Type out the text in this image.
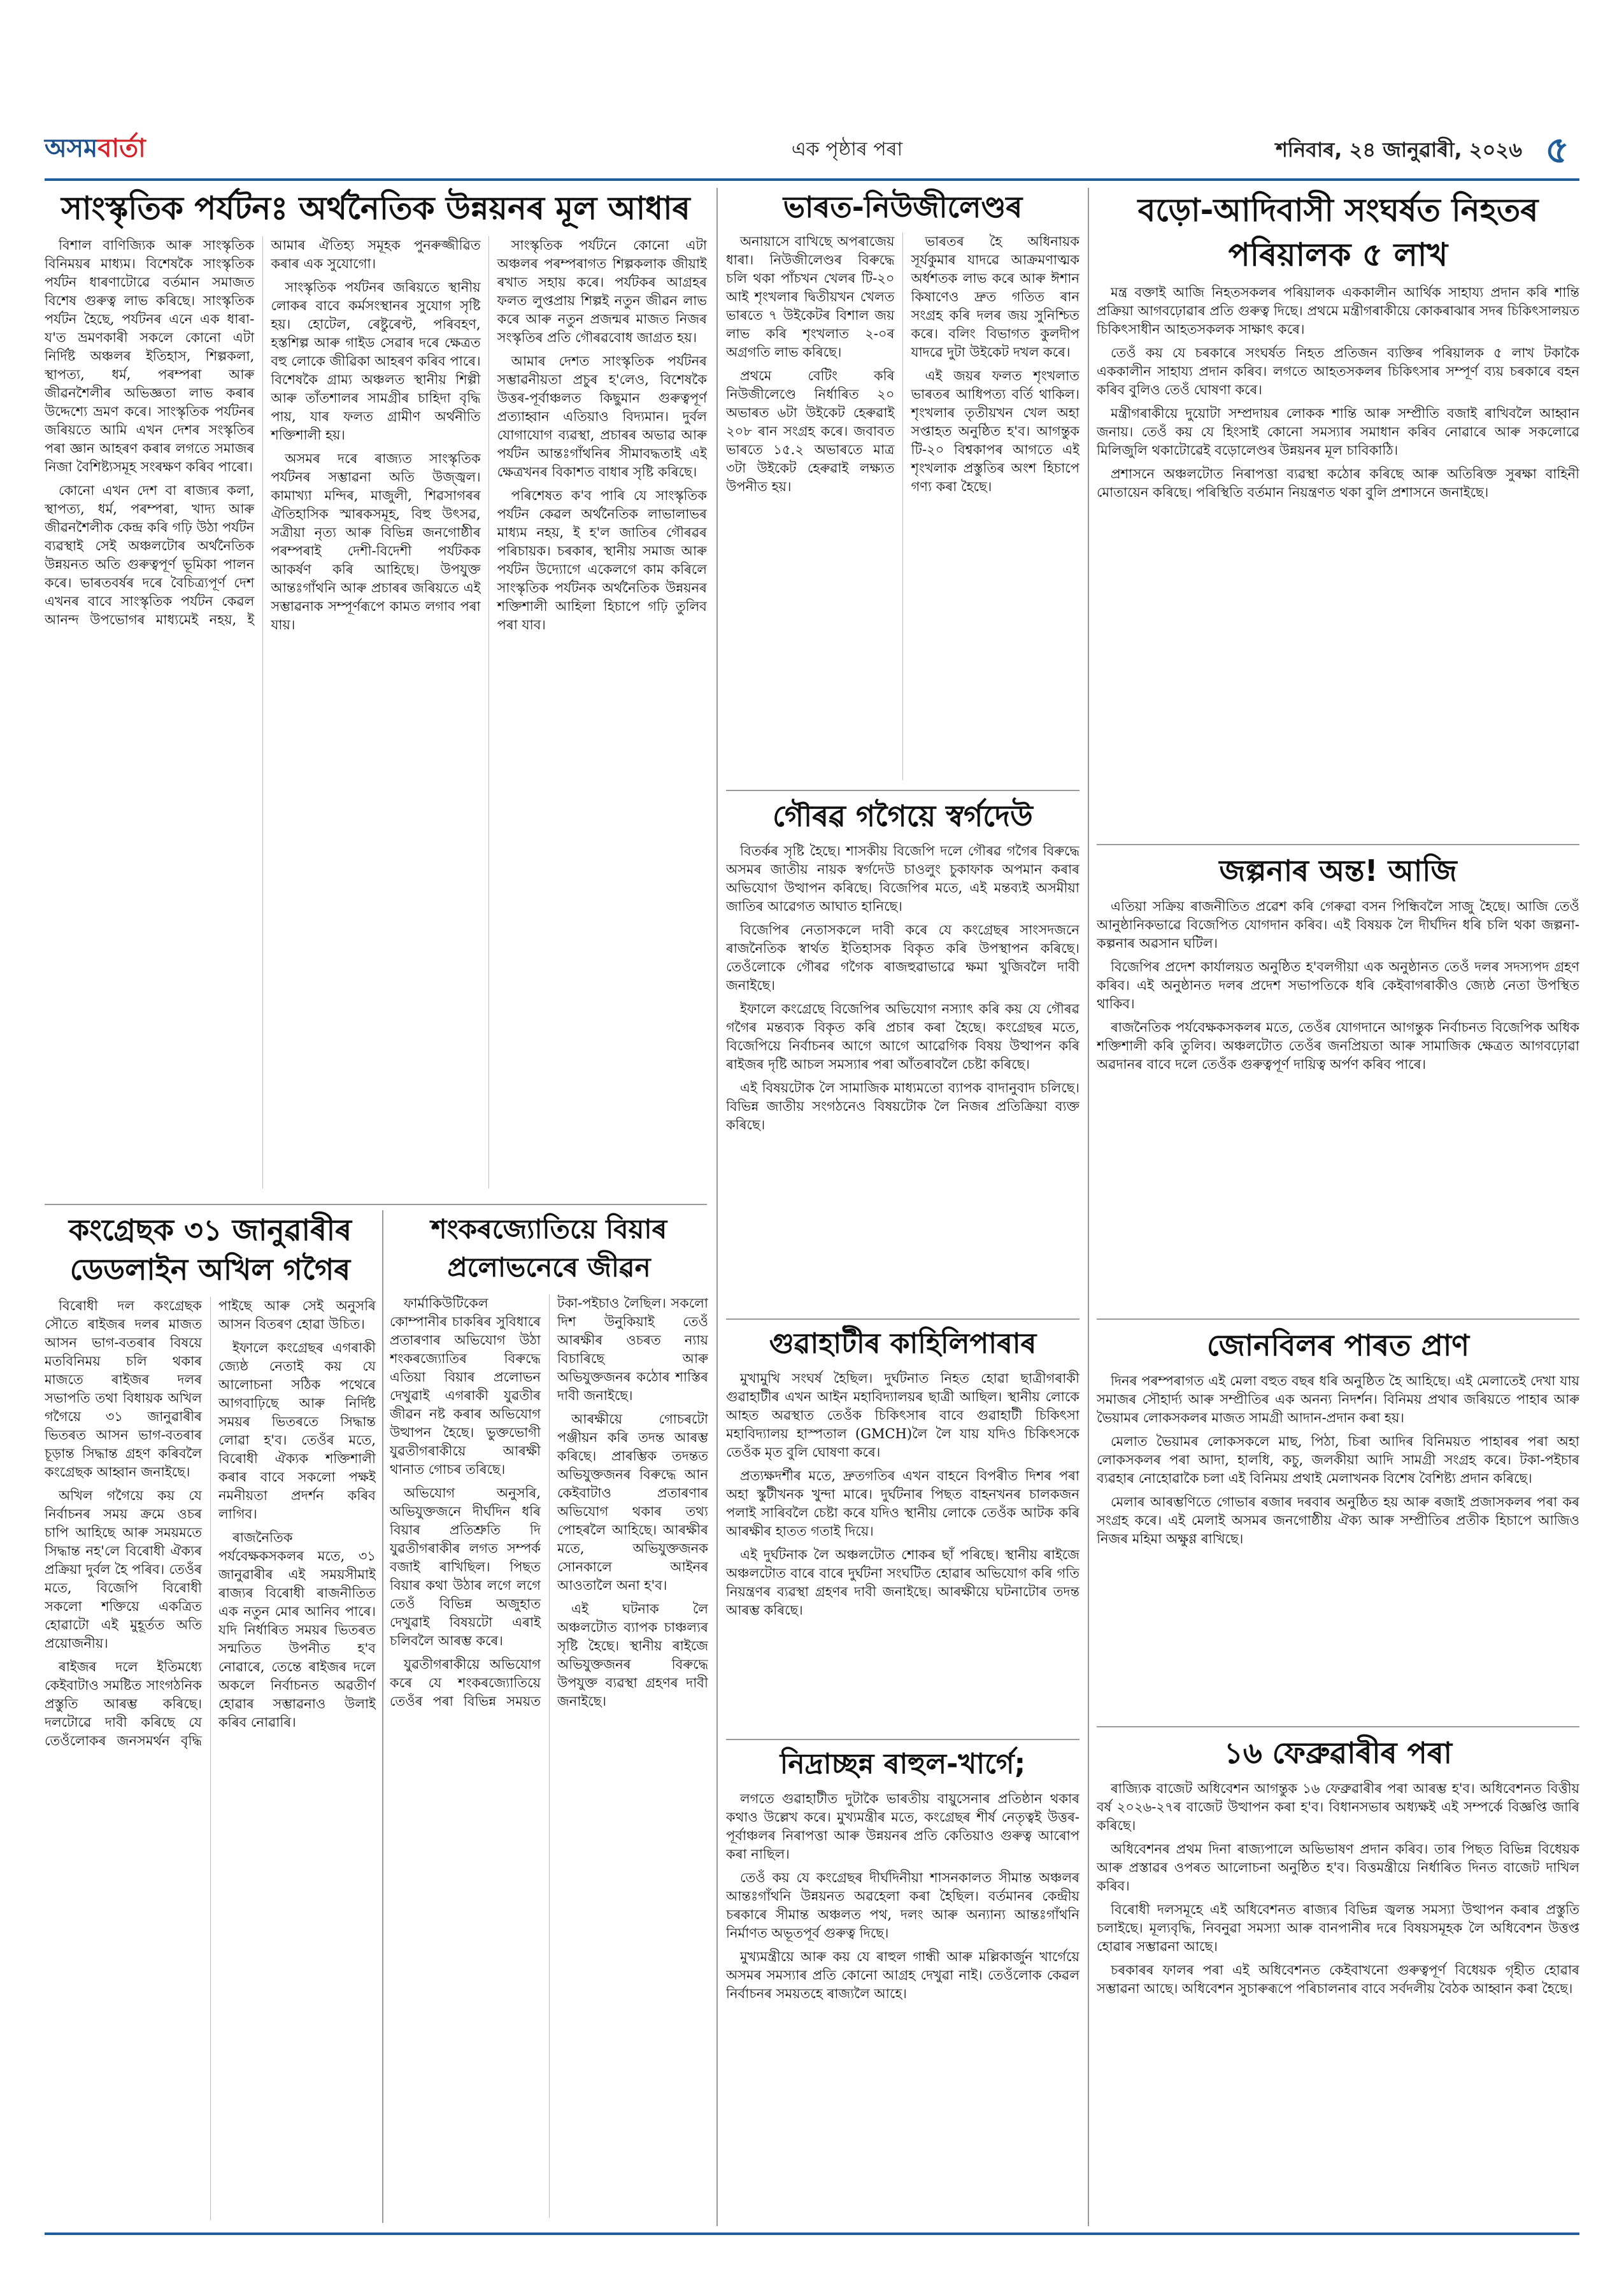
অসমবাৰ্তা	এক পৃষ্ঠাৰ পৰা	শনিবাৰ, ২৪ জানুৱাৰী, ২০২৬ ৫
সাংস্কৃতিক পৰ্যটনঃ অৰ্থনৈতিক উন্নয়নৰ মূল আধাৰ

বিশাল বাণিজ্যিক আৰু সাংস্কৃতিক বিনিময়ৰ মাধ্যম। বিশেষকৈ সাংস্কৃতিক পৰ্যটন ধাৰণাটোৱে বৰ্তমান সমাজত বিশেষ গুৰুত্ব লাভ কৰিছে। সাংস্কৃতিক পৰ্যটন হৈছে, পৰ্যটনৰ এনে এক ধাৰা-য'ত ভ্ৰমণকাৰী সকলে কোনো এটা নিৰ্দিষ্ট অঞ্চলৰ ইতিহাস, শিল্পকলা, স্থাপত্য, ধৰ্ম, পৰম্পৰা আৰু জীৱনশৈলীৰ অভিজ্ঞতা লাভ কৰাৰ উদ্দেশ্যে ভ্ৰমণ কৰে। সাংস্কৃতিক পৰ্যটনৰ জৰিয়তে আমি এখন দেশৰ সংস্কৃতিৰ পৰা জ্ঞান আহৰণ কৰাৰ লগতে সমাজৰ নিজা বৈশিষ্ট্যসমূহ সংৰক্ষণ কৰিব পাৰো।

কোনো এখন দেশ বা ৰাজ্যৰ কলা, স্থাপত্য, ধৰ্ম, পৰম্পৰা, খাদ্য আৰু জীৱনশৈলীক কেন্দ্ৰ কৰি গঢ়ি উঠা পৰ্যটন ব্যৱস্থাই সেই অঞ্চলটোৰ অৰ্থনৈতিক উন্নয়নত অতি গুৰুত্বপূৰ্ণ ভূমিকা পালন কৰে। ভাৰতবৰ্ষৰ দৰে বৈচিত্ৰ্যপূৰ্ণ দেশ এখনৰ বাবে সাংস্কৃতিক পৰ্যটন কেৱল আনন্দ উপভোগৰ মাধ্যমেই নহয়, ই আমাৰ ঐতিহ্য সমূহক পুনৰুজ্জীৱিত কৰাৰ এক সুযোগো।

সাংস্কৃতিক পৰ্যটনৰ জৰিয়তে স্থানীয় লোকৰ বাবে কৰ্মসংস্থানৰ সুযোগ সৃষ্টি হয়। হোটেল, ৰেষ্টুৰেণ্ট, পৰিবহণ, হস্তশিল্প আৰু গাইড সেৱাৰ দৰে ক্ষেত্ৰত বহু লোকে জীৱিকা আহৰণ কৰিব পাৰে। বিশেষকৈ গ্ৰাম্য অঞ্চলত স্থানীয় শিল্পী আৰু তাঁতশালৰ সামগ্ৰীৰ চাহিদা বৃদ্ধি পায়, যাৰ ফলত গ্ৰামীণ অৰ্থনীতি শক্তিশালী হয়।

অসমৰ দৰে ৰাজ্যত সাংস্কৃতিক পৰ্যটনৰ সম্ভাৱনা অতি উজ্জ্বল। কামাখ্যা মন্দিৰ, মাজুলী, শিৱসাগৰৰ ঐতিহাসিক স্মাৰকসমূহ, বিহু উৎসৱ, সত্ৰীয়া নৃত্য আৰু বিভিন্ন জনগোষ্ঠীৰ পৰম্পৰাই দেশী-বিদেশী পৰ্যটকক আকৰ্ষণ কৰি আহিছে। উপযুক্ত আন্তঃগাঁথনি আৰু প্ৰচাৰৰ জৰিয়তে এই সম্ভাৱনাক সম্পূৰ্ণৰূপে কামত লগাব পৰা যায়।

সাংস্কৃতিক পৰ্যটনে কোনো এটা অঞ্চলৰ পৰম্পৰাগত শিল্পকলাক জীয়াই ৰখাত সহায় কৰে। পৰ্যটকৰ আগ্ৰহৰ ফলত লুপ্তপ্ৰায় শিল্পই নতুন জীৱন লাভ কৰে আৰু নতুন প্ৰজন্মৰ মাজত নিজৰ সংস্কৃতিৰ প্ৰতি গৌৰৱবোধ জাগ্ৰত হয়।

আমাৰ দেশত সাংস্কৃতিক পৰ্যটনৰ সম্ভাৱনীয়তা প্ৰচুৰ হ'লেও, বিশেষকৈ উত্তৰ-পূৰ্বাঞ্চলত কিছুমান গুৰুত্বপূৰ্ণ প্ৰত্যাহ্বান এতিয়াও বিদ্যমান। দুৰ্বল যোগাযোগ ব্যৱস্থা, প্ৰচাৰৰ অভাৱ আৰু পৰ্যটন আন্তঃগাঁথনিৰ সীমাবদ্ধতাই এই ক্ষেত্ৰখনৰ বিকাশত বাধাৰ সৃষ্টি কৰিছে।

পৰিশেষত ক'ব পাৰি যে সাংস্কৃতিক পৰ্যটন কেৱল অৰ্থনৈতিক লাভালাভৰ মাধ্যম নহয়, ই হ'ল জাতিৰ গৌৰৱৰ পৰিচায়ক। চৰকাৰ, স্থানীয় সমাজ আৰু পৰ্যটন উদ্যোগে একেলগে কাম কৰিলে সাংস্কৃতিক পৰ্যটনক অৰ্থনৈতিক উন্নয়নৰ শক্তিশালী আহিলা হিচাপে গঢ়ি তুলিব পৰা যাব।

কংগ্ৰেছক ৩১ জানুৱাৰীৰ ডেডলাইন অখিল গগৈৰ

বিৰোধী দল কংগ্ৰেছক সৌতে ৰাইজৰ দলৰ মাজত আসন ভাগ-বতৰাৰ বিষয়ে মতবিনিময় চলি থকাৰ মাজতে ৰাইজৰ দলৰ সভাপতি তথা বিধায়ক অখিল গগৈয়ে ৩১ জানুৱাৰীৰ ভিতৰত আসন ভাগ-বতৰাৰ চূড়ান্ত সিদ্ধান্ত গ্ৰহণ কৰিবলৈ কংগ্ৰেছক আহ্বান জনাইছে।

অখিল গগৈয়ে কয় যে নিৰ্বাচনৰ সময় ক্ৰমে ওচৰ চাপি আহিছে আৰু সময়মতে সিদ্ধান্ত নহ'লে বিৰোধী ঐক্যৰ প্ৰক্ৰিয়া দুৰ্বল হৈ পৰিব। তেওঁৰ মতে, বিজেপি বিৰোধী সকলো শক্তিয়ে একত্ৰিত হোৱাটো এই মুহূৰ্তত অতি প্ৰয়োজনীয়।

ৰাইজৰ দলে ইতিমধ্যে কেইবাটাও সমষ্টিত সাংগঠনিক প্ৰস্তুতি আৰম্ভ কৰিছে। দলটোৱে দাবী কৰিছে যে তেওঁলোকৰ জনসমৰ্থন বৃদ্ধি পাইছে আৰু সেই অনুসৰি আসন বিতৰণ হোৱা উচিত।

ইফালে কংগ্ৰেছৰ এগৰাকী জ্যেষ্ঠ নেতাই কয় যে আলোচনা সঠিক পথেৰে আগবাঢ়িছে আৰু নিৰ্দিষ্ট সময়ৰ ভিতৰতে সিদ্ধান্ত লোৱা হ'ব। তেওঁৰ মতে, বিৰোধী ঐক্যক শক্তিশালী কৰাৰ বাবে সকলো পক্ষই নমনীয়তা প্ৰদৰ্শন কৰিব লাগিব।

ৰাজনৈতিক পৰ্যবেক্ষকসকলৰ মতে, ৩১ জানুৱাৰীৰ এই সময়সীমাই ৰাজ্যৰ বিৰোধী ৰাজনীতিত এক নতুন মোৰ আনিব পাৰে। যদি নিৰ্ধাৰিত সময়ৰ ভিতৰত সন্মতিত উপনীত হ'ব নোৱাৰে, তেন্তে ৰাইজৰ দলে অকলে নিৰ্বাচনত অৱতীৰ্ণ হোৱাৰ সম্ভাৱনাও উলাই কৰিব নোৱাৰি।

শংকৰজ্যোতিয়ে বিয়াৰ প্ৰলোভনেৰে জীৱন

ফাৰ্মাকিউটিকেল কোম্পানীৰ চাকৰিৰ সুবিধাৰে প্ৰতাৰণাৰ অভিযোগ উঠা শংকৰজ্যোতিৰ বিৰুদ্ধে এতিয়া বিয়াৰ প্ৰলোভন দেখুৱাই এগৰাকী যুৱতীৰ জীৱন নষ্ট কৰাৰ অভিযোগ উত্থাপন হৈছে। ভুক্তভোগী যুৱতীগৰাকীয়ে আৰক্ষী থানাত গোচৰ তৰিছে।

অভিযোগ অনুসৰি, অভিযুক্তজনে দীৰ্ঘদিন ধৰি বিয়াৰ প্ৰতিশ্ৰুতি দি যুৱতীগৰাকীৰ লগত সম্পৰ্ক বজাই ৰাখিছিল। পিছত বিয়াৰ কথা উঠাৰ লগে লগে তেওঁ বিভিন্ন অজুহাত দেখুৱাই বিষয়টো এৰাই চলিবলৈ আৰম্ভ কৰে।

যুৱতীগৰাকীয়ে অভিযোগ কৰে যে শংকৰজ্যোতিয়ে তেওঁৰ পৰা বিভিন্ন সময়ত টকা-পইচাও লৈছিল। সকলো দিশ উনুকিয়াই তেওঁ আৰক্ষীৰ ওচৰত ন্যায় বিচাৰিছে আৰু অভিযুক্তজনৰ কঠোৰ শাস্তিৰ দাবী জনাইছে।

আৰক্ষীয়ে গোচৰটো পঞ্জীয়ন কৰি তদন্ত আৰম্ভ কৰিছে। প্ৰাৰম্ভিক তদন্তত অভিযুক্তজনৰ বিৰুদ্ধে আন কেইবাটাও প্ৰতাৰণাৰ অভিযোগ থকাৰ তথ্য পোহৰলৈ আহিছে। আৰক্ষীৰ মতে, অভিযুক্তজনক সোনকালে আইনৰ আওতালৈ অনা হ'ব।

এই ঘটনাক লৈ অঞ্চলটোত ব্যাপক চাঞ্চল্যৰ সৃষ্টি হৈছে। স্থানীয় ৰাইজে অভিযুক্তজনৰ বিৰুদ্ধে উপযুক্ত ব্যৱস্থা গ্ৰহণৰ দাবী জনাইছে।

ভাৰত-নিউজীলেণ্ডৰ

অনায়াসে বাখিছে অপৰাজেয় ধাৰা। নিউজীলেণ্ডৰ বিৰুদ্ধে চলি থকা পাঁচখন খেলৰ টি-২০ আই শৃংখলাৰ দ্বিতীয়খন খেলত ভাৰতে ৭ উইকেটৰ বিশাল জয় লাভ কৰি শৃংখলাত ২-০ৰ অগ্ৰগতি লাভ কৰিছে।

প্ৰথমে বেটিং কৰি নিউজীলেণ্ডে নিৰ্ধাৰিত ২০ অভাৰত ৬টা উইকেট হেৰুৱাই ২০৮ ৰান সংগ্ৰহ কৰে। জবাবত ভাৰতে ১৫.২ অভাৰতে মাত্ৰ ৩টা উইকেট হেৰুৱাই লক্ষ্যত উপনীত হয়।

ভাৰতৰ হৈ অধিনায়ক সূৰ্যকুমাৰ যাদৱে আক্ৰমণাত্মক অৰ্ধশতক লাভ কৰে আৰু ঈশান কিষাণেও দ্ৰুত গতিত ৰান সংগ্ৰহ কৰি দলৰ জয় সুনিশ্চিত কৰে। বলিং বিভাগত কুলদীপ যাদৱে দুটা উইকেট দখল কৰে।

এই জয়ৰ ফলত শৃংখলাত ভাৰতৰ আধিপত্য বৰ্তি থাকিল। শৃংখলাৰ তৃতীয়খন খেল অহা সপ্তাহত অনুষ্ঠিত হ'ব। আগন্তুক টি-২০ বিশ্বকাপৰ আগতে এই শৃংখলাক প্ৰস্তুতিৰ অংশ হিচাপে গণ্য কৰা হৈছে।

গৌৰৱ গগৈয়ে স্বৰ্গদেউ

বিতৰ্কৰ সৃষ্টি হৈছে। শাসকীয় বিজেপি দলে গৌৰৱ গগৈৰ বিৰুদ্ধে অসমৰ জাতীয় নায়ক স্বৰ্গদেউ চাওলুং চুকাফাক অপমান কৰাৰ অভিযোগ উত্থাপন কৰিছে। বিজেপিৰ মতে, এই মন্তব্যই অসমীয়া জাতিৰ আৱেগত আঘাত হানিছে।

বিজেপিৰ নেতাসকলে দাবী কৰে যে কংগ্ৰেছৰ সাংসদজনে ৰাজনৈতিক স্বাৰ্থত ইতিহাসক বিকৃত কৰি উপস্থাপন কৰিছে। তেওঁলোকে গৌৰৱ গগৈক ৰাজহুৱাভাৱে ক্ষমা খুজিবলৈ দাবী জনাইছে।

ইফালে কংগ্ৰেছে বিজেপিৰ অভিযোগ নস্যাৎ কৰি কয় যে গৌৰৱ গগৈৰ মন্তব্যক বিকৃত কৰি প্ৰচাৰ কৰা হৈছে। কংগ্ৰেছৰ মতে, বিজেপিয়ে নিৰ্বাচনৰ আগে আগে আৱেগিক বিষয় উত্থাপন কৰি ৰাইজৰ দৃষ্টি আচল সমস্যাৰ পৰা আঁতৰাবলৈ চেষ্টা কৰিছে।

এই বিষয়টোক লৈ সামাজিক মাধ্যমতো ব্যাপক বাদানুবাদ চলিছে। বিভিন্ন জাতীয় সংগঠনেও বিষয়টোক লৈ নিজৰ প্ৰতিক্ৰিয়া ব্যক্ত কৰিছে।

গুৱাহাটীৰ কাহিলিপাৰাৰ

মুখামুখি সংঘৰ্ষ হৈছিল। দুৰ্ঘটনাত নিহত হোৱা ছাত্ৰীগৰাকী গুৱাহাটীৰ এখন আইন মহাবিদ্যালয়ৰ ছাত্ৰী আছিল। স্থানীয় লোকে আহত অৱস্থাত তেওঁক চিকিৎসাৰ বাবে গুৱাহাটী চিকিৎসা মহাবিদ্যালয় হাস্পতাল (GMCH)লৈ লৈ যায় যদিও চিকিৎসকে তেওঁক মৃত বুলি ঘোষণা কৰে।

প্ৰত্যক্ষদৰ্শীৰ মতে, দ্ৰুতগতিৰ এখন বাহনে বিপৰীত দিশৰ পৰা অহা স্কুটীখনক খুন্দা মাৰে। দুৰ্ঘটনাৰ পিছত বাহনখনৰ চালকজন পলাই সাৰিবলৈ চেষ্টা কৰে যদিও স্থানীয় লোকে তেওঁক আটক কৰি আৰক্ষীৰ হাতত গতাই দিয়ে।

এই দুৰ্ঘটনাক লৈ অঞ্চলটোত শোকৰ ছাঁ পৰিছে। স্থানীয় ৰাইজে অঞ্চলটোত বাৰে বাৰে দুৰ্ঘটনা সংঘটিত হোৱাৰ অভিযোগ কৰি গতি নিয়ন্ত্ৰণৰ ব্যৱস্থা গ্ৰহণৰ দাবী জনাইছে। আৰক্ষীয়ে ঘটনাটোৰ তদন্ত আৰম্ভ কৰিছে।

নিদ্ৰাচ্ছন্ন ৰাহুল-খাৰ্গে;

লগতে গুৱাহাটীত দুটাকৈ ভাৰতীয় বায়ুসেনাৰ প্ৰতিষ্ঠান থকাৰ কথাও উল্লেখ কৰে। মুখ্যমন্ত্ৰীৰ মতে, কংগ্ৰেছৰ শীৰ্ষ নেতৃত্বই উত্তৰ-পূৰ্বাঞ্চলৰ নিৰাপত্তা আৰু উন্নয়নৰ প্ৰতি কেতিয়াও গুৰুত্ব আৰোপ কৰা নাছিল।

তেওঁ কয় যে কংগ্ৰেছৰ দীৰ্ঘদিনীয়া শাসনকালত সীমান্ত অঞ্চলৰ আন্তঃগাঁথনি উন্নয়নত অৱহেলা কৰা হৈছিল। বৰ্তমানৰ কেন্দ্ৰীয় চৰকাৰে সীমান্ত অঞ্চলত পথ, দলং আৰু অন্যান্য আন্তঃগাঁথনি নিৰ্মাণত অভূতপূৰ্ব গুৰুত্ব দিছে।

মুখ্যমন্ত্ৰীয়ে আৰু কয় যে ৰাহুল গান্ধী আৰু মল্লিকাৰ্জুন খাৰ্গেয়ে অসমৰ সমস্যাৰ প্ৰতি কোনো আগ্ৰহ দেখুৱা নাই। তেওঁলোক কেৱল নিৰ্বাচনৰ সময়তহে ৰাজ্যলৈ আহে।

বড়ো-আদিবাসী সংঘৰ্ষত নিহতৰ পৰিয়ালক ৫ লাখ

মন্ত্ৰ বক্তাই আজি নিহতসকলৰ পৰিয়ালক এককালীন আৰ্থিক সাহায্য প্ৰদান কৰি শান্তি প্ৰক্ৰিয়া আগবঢ়োৱাৰ প্ৰতি গুৰুত্ব দিছে। প্ৰথমে মন্ত্ৰীগৰাকীয়ে কোকৰাঝাৰ সদৰ চিকিৎসালয়ত চিকিৎসাধীন আহতসকলক সাক্ষাৎ কৰে।

তেওঁ কয় যে চৰকাৰে সংঘৰ্ষত নিহত প্ৰতিজন ব্যক্তিৰ পৰিয়ালক ৫ লাখ টকাকৈ এককালীন সাহায্য প্ৰদান কৰিব। লগতে আহতসকলৰ চিকিৎসাৰ সম্পূৰ্ণ ব্যয় চৰকাৰে বহন কৰিব বুলিও তেওঁ ঘোষণা কৰে।

মন্ত্ৰীগৰাকীয়ে দুয়োটা সম্প্ৰদায়ৰ লোকক শান্তি আৰু সম্প্ৰীতি বজাই ৰাখিবলৈ আহ্বান জনায়। তেওঁ কয় যে হিংসাই কোনো সমস্যাৰ সমাধান কৰিব নোৱাৰে আৰু সকলোৱে মিলিজুলি থকাটোৱেই বড়োলেণ্ডৰ উন্নয়নৰ মূল চাবিকাঠি।

প্ৰশাসনে অঞ্চলটোত নিৰাপত্তা ব্যৱস্থা কঠোৰ কৰিছে আৰু অতিৰিক্ত সুৰক্ষা বাহিনী মোতায়েন কৰিছে। পৰিস্থিতি বৰ্তমান নিয়ন্ত্ৰণত থকা বুলি প্ৰশাসনে জনাইছে।

জল্পনাৰ অন্ত! আজি

এতিয়া সক্ৰিয় ৰাজনীতিত প্ৰৱেশ কৰি গেৰুৱা বসন পিন্ধিবলৈ সাজু হৈছে। আজি তেওঁ আনুষ্ঠানিকভাৱে বিজেপিত যোগদান কৰিব। এই বিষয়ক লৈ দীৰ্ঘদিন ধৰি চলি থকা জল্পনা-কল্পনাৰ অৱসান ঘটিল।

বিজেপিৰ প্ৰদেশ কাৰ্যালয়ত অনুষ্ঠিত হ'বলগীয়া এক অনুষ্ঠানত তেওঁ দলৰ সদস্যপদ গ্ৰহণ কৰিব। এই অনুষ্ঠানত দলৰ প্ৰদেশ সভাপতিকে ধৰি কেইবাগৰাকীও জ্যেষ্ঠ নেতা উপস্থিত থাকিব।

ৰাজনৈতিক পৰ্যবেক্ষকসকলৰ মতে, তেওঁৰ যোগদানে আগন্তুক নিৰ্বাচনত বিজেপিক অধিক শক্তিশালী কৰি তুলিব। অঞ্চলটোত তেওঁৰ জনপ্ৰিয়তা আৰু সামাজিক ক্ষেত্ৰত আগবঢ়োৱা অৱদানৰ বাবে দলে তেওঁক গুৰুত্বপূৰ্ণ দায়িত্ব অৰ্পণ কৰিব পাৰে।

জোনবিলৰ পাৰত প্ৰাণ

দিনৰ পৰম্পৰাগত এই মেলা বহুত বছৰ ধৰি অনুষ্ঠিত হৈ আহিছে। এই মেলাতেই দেখা যায় সমাজৰ সৌহাৰ্দ্য আৰু সম্প্ৰীতিৰ এক অনন্য নিদৰ্শন। বিনিময় প্ৰথাৰ জৰিয়তে পাহাৰ আৰু ভৈয়ামৰ লোকসকলৰ মাজত সামগ্ৰী আদান-প্ৰদান কৰা হয়।

মেলাত ভৈয়ামৰ লোকসকলে মাছ, পিঠা, চিৰা আদিৰ বিনিময়ত পাহাৰৰ পৰা অহা লোকসকলৰ পৰা আদা, হালধি, কচু, জলকীয়া আদি সামগ্ৰী সংগ্ৰহ কৰে। টকা-পইচাৰ ব্যৱহাৰ নোহোৱাকৈ চলা এই বিনিময় প্ৰথাই মেলাখনক বিশেষ বৈশিষ্ট্য প্ৰদান কৰিছে।

মেলাৰ আৰম্ভণিতে গোভাৰ ৰজাৰ দৰবাৰ অনুষ্ঠিত হয় আৰু ৰজাই প্ৰজাসকলৰ পৰা কৰ সংগ্ৰহ কৰে। এই মেলাই অসমৰ জনগোষ্ঠীয় ঐক্য আৰু সম্প্ৰীতিৰ প্ৰতীক হিচাপে আজিও নিজৰ মহিমা অক্ষুণ্ণ ৰাখিছে।

১৬ ফেব্ৰুৱাৰীৰ পৰা

ৰাজ্যিক বাজেট অধিবেশন আগন্তুক ১৬ ফেব্ৰুৱাৰীৰ পৰা আৰম্ভ হ'ব। অধিবেশনত বিত্তীয় বৰ্ষ ২০২৬-২৭ৰ বাজেট উত্থাপন কৰা হ'ব। বিধানসভাৰ অধ্যক্ষই এই সম্পৰ্কে বিজ্ঞপ্তি জাৰি কৰিছে।

অধিবেশনৰ প্ৰথম দিনা ৰাজ্যপালে অভিভাষণ প্ৰদান কৰিব। তাৰ পিছত বিভিন্ন বিধেয়ক আৰু প্ৰস্তাৱৰ ওপৰত আলোচনা অনুষ্ঠিত হ'ব। বিত্তমন্ত্ৰীয়ে নিৰ্ধাৰিত দিনত বাজেট দাখিল কৰিব।

বিৰোধী দলসমূহে এই অধিবেশনত ৰাজ্যৰ বিভিন্ন জ্বলন্ত সমস্যা উত্থাপন কৰাৰ প্ৰস্তুতি চলাইছে। মূল্যবৃদ্ধি, নিবনুৱা সমস্যা আৰু বানপানীৰ দৰে বিষয়সমূহক লৈ অধিবেশন উত্তপ্ত হোৱাৰ সম্ভাৱনা আছে।

চৰকাৰৰ ফালৰ পৰা এই অধিবেশনত কেইবাখনো গুৰুত্বপূৰ্ণ বিধেয়ক গৃহীত হোৱাৰ সম্ভাৱনা আছে। অধিবেশন সুচাৰুৰূপে পৰিচালনাৰ বাবে সৰ্বদলীয় বৈঠক আহ্বান কৰা হৈছে।
